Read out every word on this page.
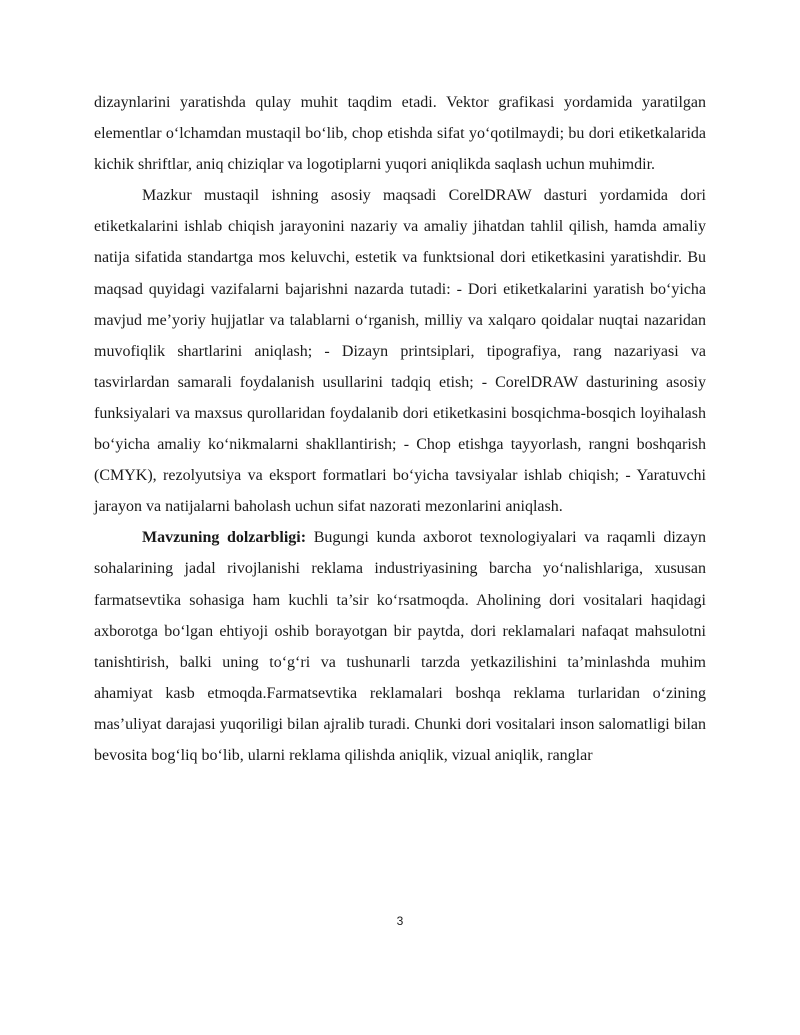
dizaynlarini yaratishda qulay muhit taqdim etadi. Vektor grafikasi yordamida yaratilgan elementlar o‘lchamdan mustaqil bo‘lib, chop etishda sifat yo‘qotilmaydi; bu dori etiketkalarida kichik shriftlar, aniq chiziqlar va logotiplarni yuqori aniqlikda saqlash uchun muhimdir.

Mazkur mustaqil ishning asosiy maqsadi CorelDRAW dasturi yordamida dori etiketkalarini ishlab chiqish jarayonini nazariy va amaliy jihatdan tahlil qilish, hamda amaliy natija sifatida standartga mos keluvchi, estetik va funktsional dori etiketkasini yaratishdir. Bu maqsad quyidagi vazifalarni bajarishni nazarda tutadi: - Dori etiketkalarini yaratish bo‘yicha mavjud me’yoriy hujjatlar va talablarni o‘rganish, milliy va xalqaro qoidalar nuqtai nazaridan muvofiqlik shartlarini aniqlash; - Dizayn printsiplari, tipografiya, rang nazariyasi va tasvirlardan samarali foydalanish usullarini tadqiq etish; - CorelDRAW dasturining asosiy funksiyalari va maxsus qurollaridan foydalanib dori etiketkasini bosqichma-bosqich loyihalash bo‘yicha amaliy ko‘nikmalarni shakllantirish; - Chop etishga tayyorlash, rangni boshqarish (CMYK), rezolyutsiya va eksport formatlari bo‘yicha tavsiyalar ishlab chiqish; - Yaratuvchi jarayon va natijalarni baholash uchun sifat nazorati mezonlarini aniqlash.

Mavzuning dolzarbligi: Bugungi kunda axborot texnologiyalari va raqamli dizayn sohalarining jadal rivojlanishi reklama industriyasining barcha yo‘nalishlariga, xususan farmatsevtika sohasiga ham kuchli ta’sir ko‘rsatmoqda. Aholining dori vositalari haqidagi axborotga bo‘lgan ehtiyoji oshib borayotgan bir paytda, dori reklamalari nafaqat mahsulotni tanishtirish, balki uning to‘g‘ri va tushunarli tarzda yetkazilishini ta’minlashda muhim ahamiyat kasb etmoqda.Farmatsevtika reklamalari boshqa reklama turlaridan o‘zining mas’uliyat darajasi yuqoriligi bilan ajralib turadi. Chunki dori vositalari inson salomatligi bilan bevosita bog‘liq bo‘lib, ularni reklama qilishda aniqlik, vizual aniqlik, ranglar

3
